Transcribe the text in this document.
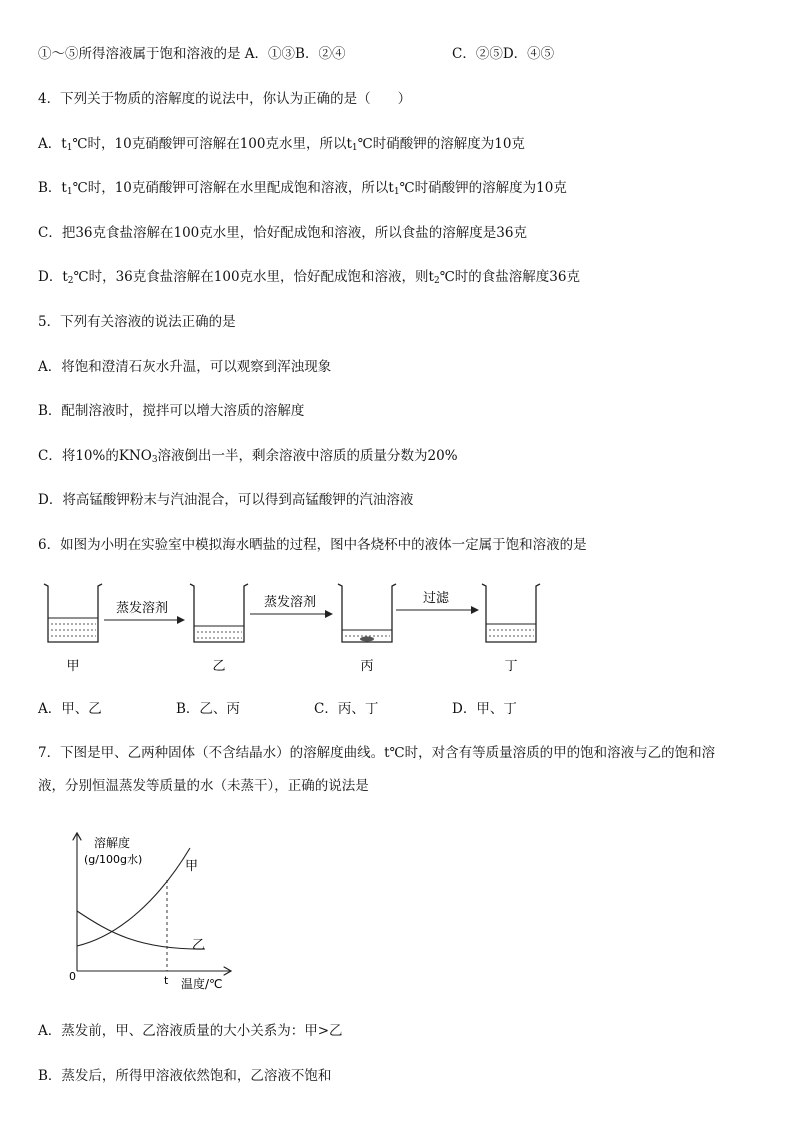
①～⑤所得溶液属于饱和溶液的是 A．①③B．②④	C．②⑤D．④⑤
4．下列关于物质的溶解度的说法中，你认为正确的是（　　）
A．$t_1℃$时，10克硝酸钾可溶解在100克水里，所以$t_1℃$时硝酸钾的溶解度为10克
B．$t_1℃$时，10克硝酸钾可溶解在水里配成饱和溶液，所以$t_1℃$时硝酸钾的溶解度为10克
C．把36克食盐溶解在100克水里，恰好配成饱和溶液，所以食盐的溶解度是36克
D．$t_2℃$时，36克食盐溶解在100克水里，恰好配成饱和溶液，则$t_2℃$时的食盐溶解度36克
5．下列有关溶液的说法正确的是
A．将饱和澄清石灰水升温，可以观察到浑浊现象
B．配制溶液时，搅拌可以增大溶质的溶解度
C．将10%的$KNO_3$溶液倒出一半，剩余溶液中溶质的质量分数为20%
D．将高锰酸钾粉末与汽油混合，可以得到高锰酸钾的汽油溶液
6．如图为小明在实验室中模拟海水晒盐的过程，图中各烧杯中的液体一定属于饱和溶液的是
甲
蒸发溶剂
乙
蒸发溶剂
丙
过滤
丁
A．甲、乙	B．乙、丙	C．丙、丁	D．甲、丁
7．下图是甲、乙两种固体（不含结晶水）的溶解度曲线。t℃时，对含有等质量溶质的甲的饱和溶液与乙的饱和溶
液，分别恒温蒸发等质量的水（未蒸干），正确的说法是
溶解度
(g/100g水)
0	t 温度/℃
甲
乙
A．蒸发前，甲、乙溶液质量的大小关系为：甲>乙
B．蒸发后，所得甲溶液依然饱和，乙溶液不饱和
